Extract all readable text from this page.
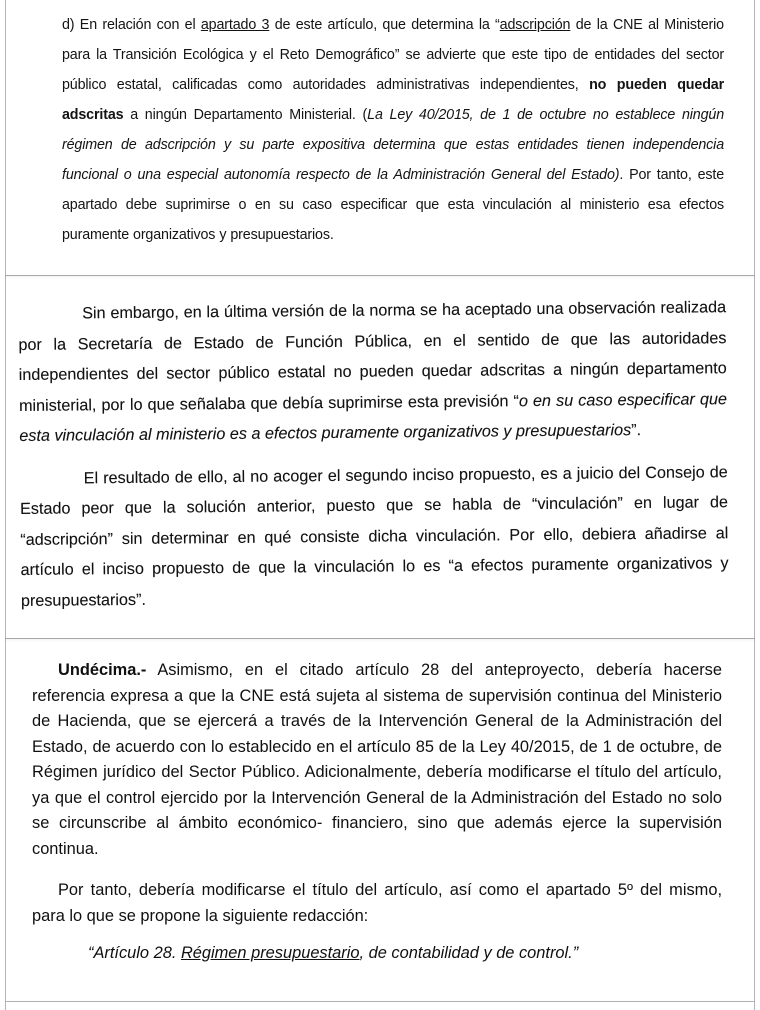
d) En relación con el apartado 3 de este artículo, que determina la “adscripción de la CNE al Ministerio para la Transición Ecológica y el Reto Demográfico” se advierte que este tipo de entidades del sector público estatal, calificadas como autoridades administrativas independientes, no pueden quedar adscritas a ningún Departamento Ministerial. (La Ley 40/2015, de 1 de octubre no establece ningún régimen de adscripción y su parte expositiva determina que estas entidades tienen independencia funcional o una especial autonomía respecto de la Administración General del Estado). Por tanto, este apartado debe suprimirse o en su caso especificar que esta vinculación al ministerio esa efectos puramente organizativos y presupuestarios.

Sin embargo, en la última versión de la norma se ha aceptado una observación realizada por la Secretaría de Estado de Función Pública, en el sentido de que las autoridades independientes del sector público estatal no pueden quedar adscritas a ningún departamento ministerial, por lo que señalaba que debía suprimirse esta previsión “o en su caso especificar que esta vinculación al ministerio es a efectos puramente organizativos y presupuestarios”.

El resultado de ello, al no acoger el segundo inciso propuesto, es a juicio del Consejo de Estado peor que la solución anterior, puesto que se habla de “vinculación” en lugar de “adscripción” sin determinar en qué consiste dicha vinculación. Por ello, debiera añadirse al artículo el inciso propuesto de que la vinculación lo es “a efectos puramente organizativos y presupuestarios”.

Undécima.- Asimismo, en el citado artículo 28 del anteproyecto, debería hacerse referencia expresa a que la CNE está sujeta al sistema de supervisión continua del Ministerio de Hacienda, que se ejercerá a través de la Intervención General de la Administración del Estado, de acuerdo con lo establecido en el artículo 85 de la Ley 40/2015, de 1 de octubre, de Régimen jurídico del Sector Público. Adicionalmente, debería modificarse el título del artículo, ya que el control ejercido por la Intervención General de la Administración del Estado no solo se circunscribe al ámbito económico- financiero, sino que además ejerce la supervisión continua.

Por tanto, debería modificarse el título del artículo, así como el apartado 5º del mismo, para lo que se propone la siguiente redacción:

“Artículo 28. Régimen presupuestario, de contabilidad y de control.”
